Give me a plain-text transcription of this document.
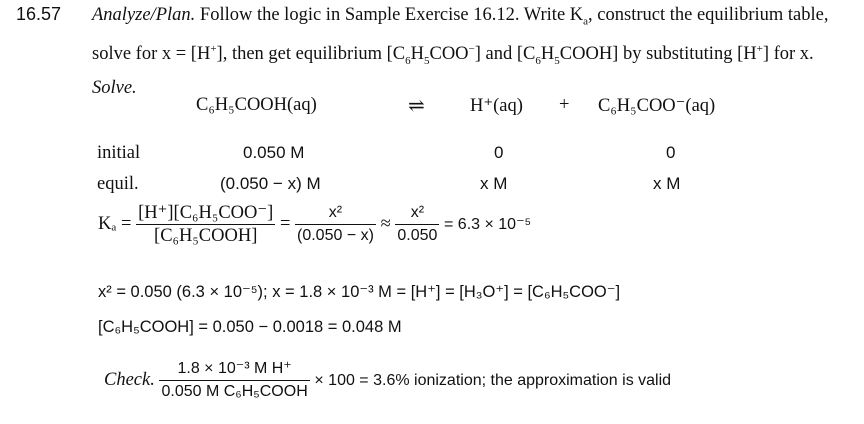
16.57 Analyze/Plan. Follow the logic in Sample Exercise 16.12. Write $K_a$, construct the equilibrium table, solve for x = [H+], then get equilibrium $[C_6H_5COO^-]$ and $[C_6H_5COOH]$ by substituting [H+] for x.  Solve.
C₆H₅COOH(aq)	⇌ H⁺(aq) + C₆H₅COO⁻(aq)
initial	0.050 M	0	0
equil.	(0.050 − x) M	x M	x M
$K_a = \frac{\text{[H⁺][C₆H₅COO⁻]}}{\text{[C₆H₅COOH]}} = \frac{\text{x²}}{(0.050 - x)} \approx \frac{\text{x²}}{0.050} = 6.3 \times 10^{-5}$
x² = 0.050 (6.3 × 10⁻⁵); x = 1.8 × 10⁻³ M = [H⁺] = [H₃O⁺] = [C₆H₅COO⁻]
[C₆H₅COOH] = 0.050 − 0.0018 = 0.048 M
Check. $\frac{\text{1.8 × 10⁻³ M H⁺}}{\text{0.050 M C₆H₅COOH}} \times 100 = 3.6\%$ ionization; the approximation is valid
